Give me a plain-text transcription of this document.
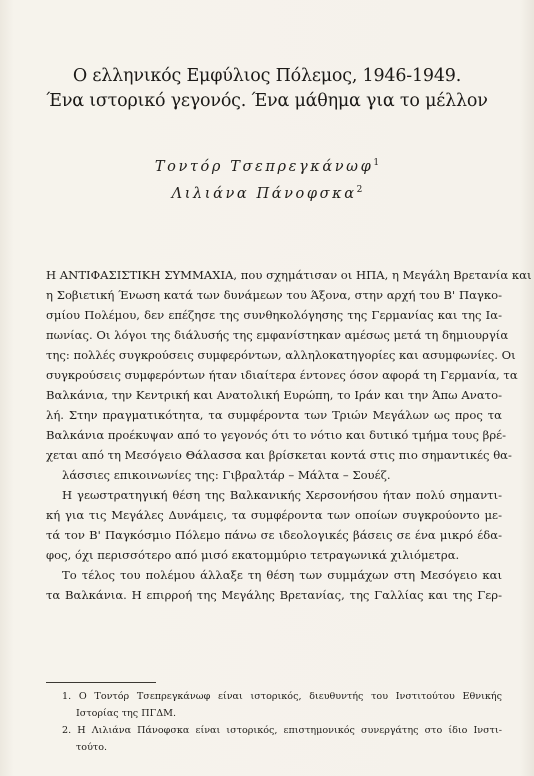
Ο ελληνικός Εμφύλιος Πόλεμος, 1946-1949.
Ένα ιστορικό γεγονός. Ένα μάθημα για το μέλλον
Τοντόρ Τσεπρεγκάνωφ$^1$
Λιλιάνα Πάνοφσκα$^2$
Η ΑΝΤΙΦΑΣΙΣΤΙΚΗ ΣΥΜΜΑΧΙΑ, που σχημάτισαν οι ΗΠΑ, η Μεγάλη Βρετανία και
η Σοβιετική Ένωση κατά των δυνάμεων του Άξονα, στην αρχή του Β' Παγκο-
σμίου Πολέμου, δεν επέζησε της συνθηκολόγησης της Γερμανίας και της Ια-
πωνίας. Οι λόγοι της διάλυσής της εμφανίστηκαν αμέσως μετά τη δημιουργία
της: πολλές συγκρούσεις συμφερόντων, αλληλοκατηγορίες και ασυμφωνίες. Οι
συγκρούσεις συμφερόντων ήταν ιδιαίτερα έντονες όσον αφορά τη Γερμανία, τα
Βαλκάνια, την Κεντρική και Ανατολική Ευρώπη, το Ιράν και την Άπω Ανατο-
λή. Στην πραγματικότητα, τα συμφέροντα των Τριών Μεγάλων ως προς τα
Βαλκάνια προέκυψαν από το γεγονός ότι το νότιο και δυτικό τμήμα τους βρέ-
χεται από τη Μεσόγειο Θάλασσα και βρίσκεται κοντά στις πιο σημαντικές θα-
λάσσιες επικοινωνίες της: Γιβραλτάρ – Μάλτα – Σουέζ.
Η γεωστρατηγική θέση της Βαλκανικής Χερσονήσου ήταν πολύ σημαντι-
κή για τις Μεγάλες Δυνάμεις, τα συμφέροντα των οποίων συγκρούοντο με-
τά τον Β' Παγκόσμιο Πόλεμο πάνω σε ιδεολογικές βάσεις σε ένα μικρό έδα-
φος, όχι περισσότερο από μισό εκατομμύριο τετραγωνικά χιλιόμετρα.
Το τέλος του πολέμου άλλαξε τη θέση των συμμάχων στη Μεσόγειο και
τα Βαλκάνια. Η επιρροή της Μεγάλης Βρετανίας, της Γαλλίας και της Γερ-
1. Ο Τοντόρ Τσεπρεγκάνωφ είναι ιστορικός, διευθυντής του Ινστιτούτου Εθνικής
Ιστορίας της ΠΓΔΜ.
2. Η Λιλιάνα Πάνοφσκα είναι ιστορικός, επιστημονικός συνεργάτης στο ίδιο Ινστι-
τούτο.
